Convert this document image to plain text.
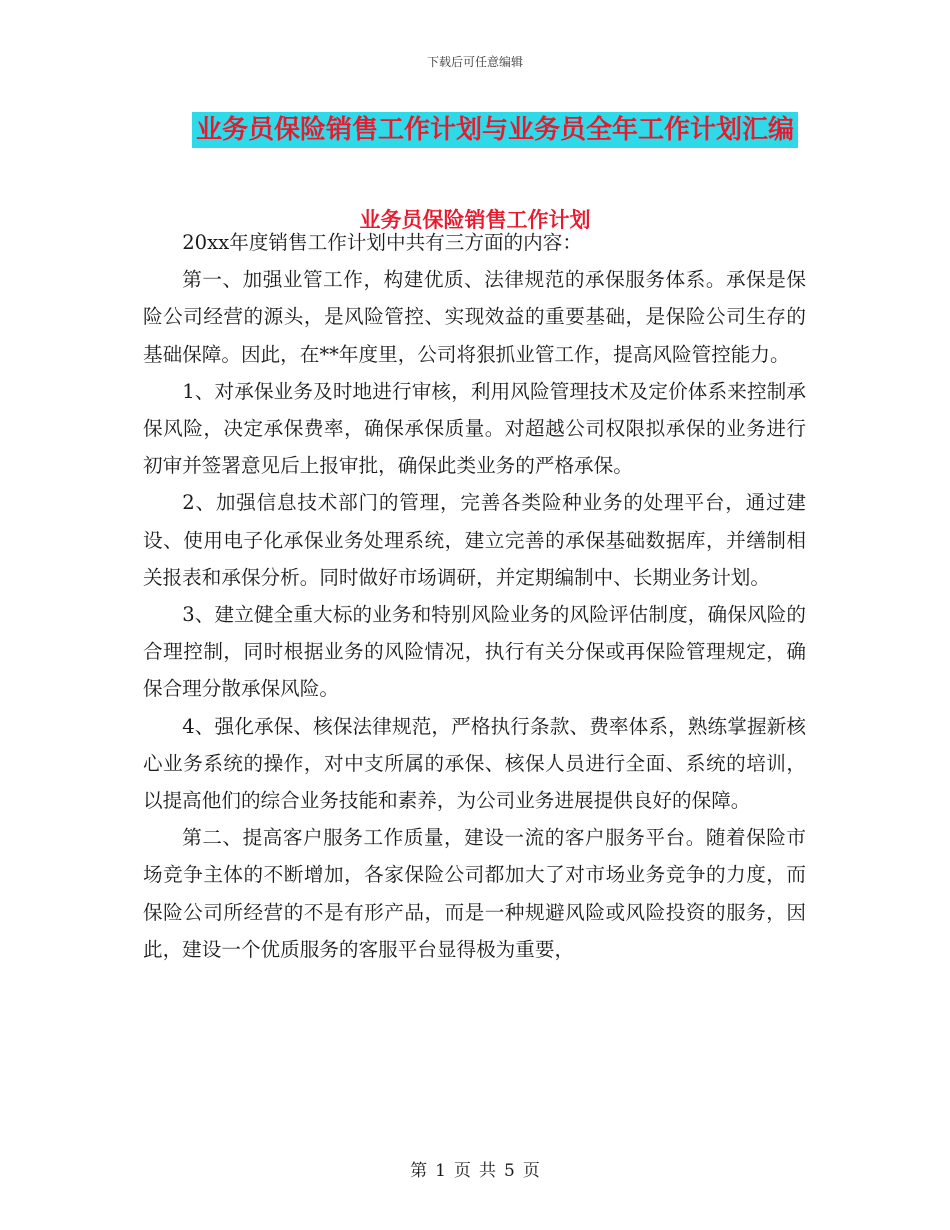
下载后可任意编辑
业务员保险销售工作计划与业务员全年工作计划汇编
业务员保险销售工作计划

20xx年度销售工作计划中共有三方面的内容：

第一、加强业管工作，构建优质、法律规范的承保服务体系。承保是保险公司经营的源头，是风险管控、实现效益的重要基础，是保险公司生存的基础保障。因此，在**年度里，公司将狠抓业管工作，提高风险管控能力。

1、对承保业务及时地进行审核，利用风险管理技术及定价体系来控制承保风险，决定承保费率，确保承保质量。对超越公司权限拟承保的业务进行初审并签署意见后上报审批，确保此类业务的严格承保。

2、加强信息技术部门的管理，完善各类险种业务的处理平台，通过建设、使用电子化承保业务处理系统，建立完善的承保基础数据库，并缮制相关报表和承保分析。同时做好市场调研，并定期编制中、长期业务计划。

3、建立健全重大标的业务和特别风险业务的风险评估制度，确保风险的合理控制，同时根据业务的风险情况，执行有关分保或再保险管理规定，确保合理分散承保风险。

4、强化承保、核保法律规范，严格执行条款、费率体系，熟练掌握新核心业务系统的操作，对中支所属的承保、核保人员进行全面、系统的培训，以提高他们的综合业务技能和素养，为公司业务进展提供良好的保障。

第二、提高客户服务工作质量，建设一流的客户服务平台。随着保险市场竞争主体的不断增加，各家保险公司都加大了对市场业务竞争的力度，而保险公司所经营的不是有形产品，而是一种规避风险或风险投资的服务，因此，建设一个优质服务的客服平台显得极为重要，

第 1 页 共 5 页
